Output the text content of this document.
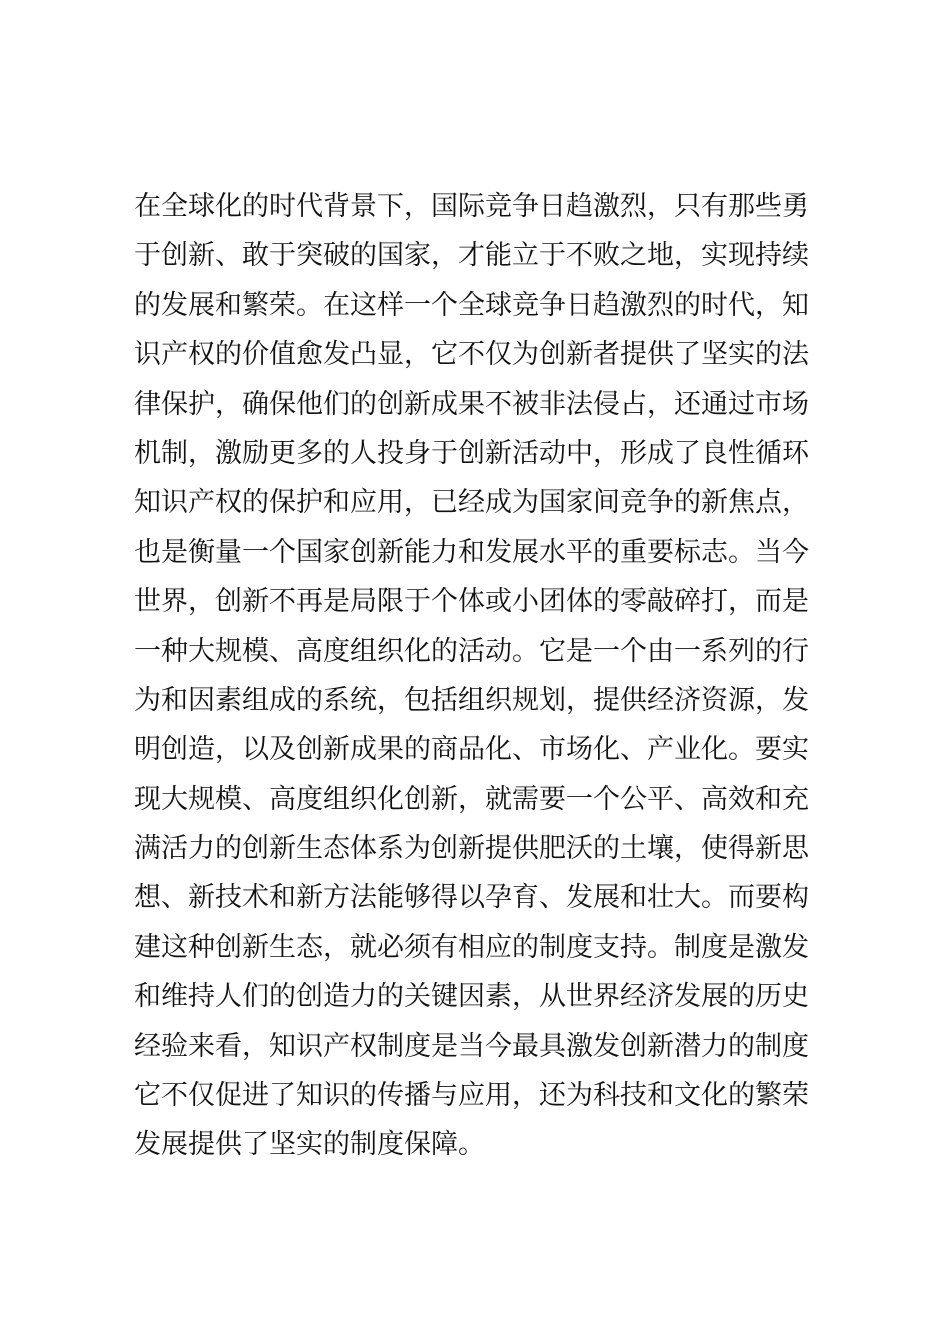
在全球化的时代背景下，国际竞争日趋激烈，只有那些勇
于创新、敢于突破的国家，才能立于不败之地，实现持续
的发展和繁荣。在这样一个全球竞争日趋激烈的时代，知
识产权的价值愈发凸显，它不仅为创新者提供了坚实的法
律保护，确保他们的创新成果不被非法侵占，还通过市场
机制，激励更多的人投身于创新活动中，形成了良性循环
知识产权的保护和应用，已经成为国家间竞争的新焦点，
也是衡量一个国家创新能力和发展水平的重要标志。当今
世界，创新不再是局限于个体或小团体的零敲碎打，而是
一种大规模、高度组织化的活动。它是一个由一系列的行
为和因素组成的系统，包括组织规划，提供经济资源，发
明创造，以及创新成果的商品化、市场化、产业化。要实
现大规模、高度组织化创新，就需要一个公平、高效和充
满活力的创新生态体系为创新提供肥沃的土壤，使得新思
想、新技术和新方法能够得以孕育、发展和壮大。而要构
建这种创新生态，就必须有相应的制度支持。制度是激发
和维持人们的创造力的关键因素，从世界经济发展的历史
经验来看，知识产权制度是当今最具激发创新潜力的制度
它不仅促进了知识的传播与应用，还为科技和文化的繁荣
发展提供了坚实的制度保障。
